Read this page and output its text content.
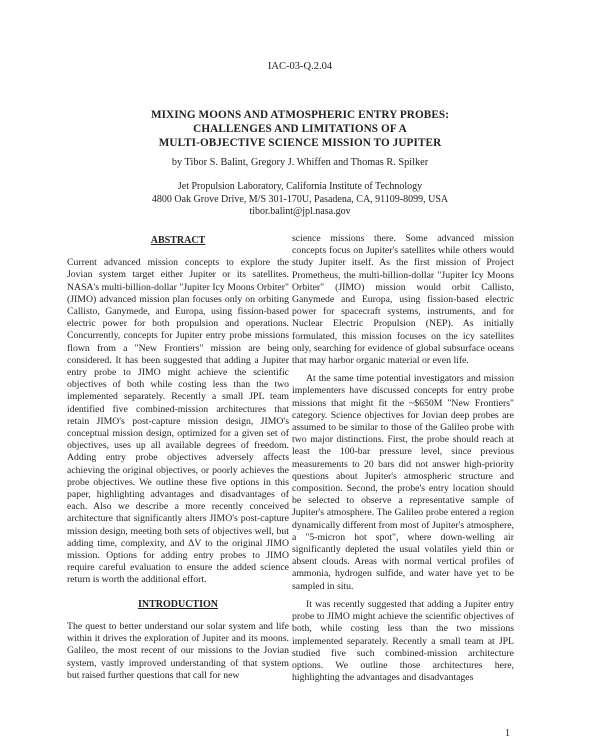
IAC-03-Q.2.04
MIXING MOONS AND ATMOSPHERIC ENTRY PROBES:
CHALLENGES AND LIMITATIONS OF A
MULTI-OBJECTIVE SCIENCE MISSION TO JUPITER
by Tibor S. Balint, Gregory J. Whiffen and Thomas R. Spilker
Jet Propulsion Laboratory, California Institute of Technology
4800 Oak Grove Drive, M/S 301-170U, Pasadena, CA, 91109-8099, USA
tibor.balint@jpl.nasa.gov

ABSTRACT

Current advanced mission concepts to explore the Jovian system target either Jupiter or its satellites. NASA's multi-billion-dollar "Jupiter Icy Moons Orbiter" (JIMO) advanced mission plan focuses only on orbiting Callisto, Ganymede, and Europa, using fission-based electric power for both propulsion and operations. Concurrently, concepts for Jupiter entry probe missions flown from a "New Frontiers" mission are being considered. It has been suggested that adding a Jupiter entry probe to JIMO might achieve the scientific objectives of both while costing less than the two implemented separately. Recently a small JPL team identified five combined-mission architectures that retain JIMO's post-capture mission design, JIMO's conceptual mission design, optimized for a given set of objectives, uses up all available degrees of freedom. Adding entry probe objectives adversely affects achieving the original objectives, or poorly achieves the probe objectives. We outline these five options in this paper, highlighting advantages and disadvantages of each. Also we describe a more recently conceived architecture that significantly alters JIMO's post-capture mission design, meeting both sets of objectives well, but adding time, complexity, and ΔV to the original JIMO mission. Options for adding entry probes to JIMO require careful evaluation to ensure the added science return is worth the additional effort.

INTRODUCTION

The quest to better understand our solar system and life within it drives the exploration of Jupiter and its moons. Galileo, the most recent of our missions to the Jovian system, vastly improved understanding of that system but raised further questions that call for new

science missions there. Some advanced mission concepts focus on Jupiter's satellites while others would study Jupiter itself. As the first mission of Project Prometheus, the multi-billion-dollar "Jupiter Icy Moons Orbiter" (JIMO) mission would orbit Callisto, Ganymede and Europa, using fission-based electric power for spacecraft systems, instruments, and for Nuclear Electric Propulsion (NEP). As initially formulated, this mission focuses on the icy satellites only, searching for evidence of global subsurface oceans that may harbor organic material or even life.

At the same time potential investigators and mission implementers have discussed concepts for entry probe missions that might fit the ~$650M "New Frontiers" category. Science objectives for Jovian deep probes are assumed to be similar to those of the Galileo probe with two major distinctions. First, the probe should reach at least the 100-bar pressure level, since previous measurements to 20 bars did not answer high-priority questions about Jupiter's atmospheric structure and composition. Second, the probe's entry location should be selected to observe a representative sample of Jupiter's atmosphere. The Galileo probe entered a region dynamically different from most of Jupiter's atmosphere, a "5-micron hot spot", where down-welling air significantly depleted the usual volatiles yield thin or absent clouds. Areas with normal vertical profiles of ammonia, hydrogen sulfide, and water have yet to be sampled in situ.

It was recently suggested that adding a Jupiter entry probe to JIMO might achieve the scientific objectives of both, while costing less than the two missions implemented separately. Recently a small team at JPL studied five such combined-mission architecture options. We outline those architectures here, highlighting the advantages and disadvantages

1
